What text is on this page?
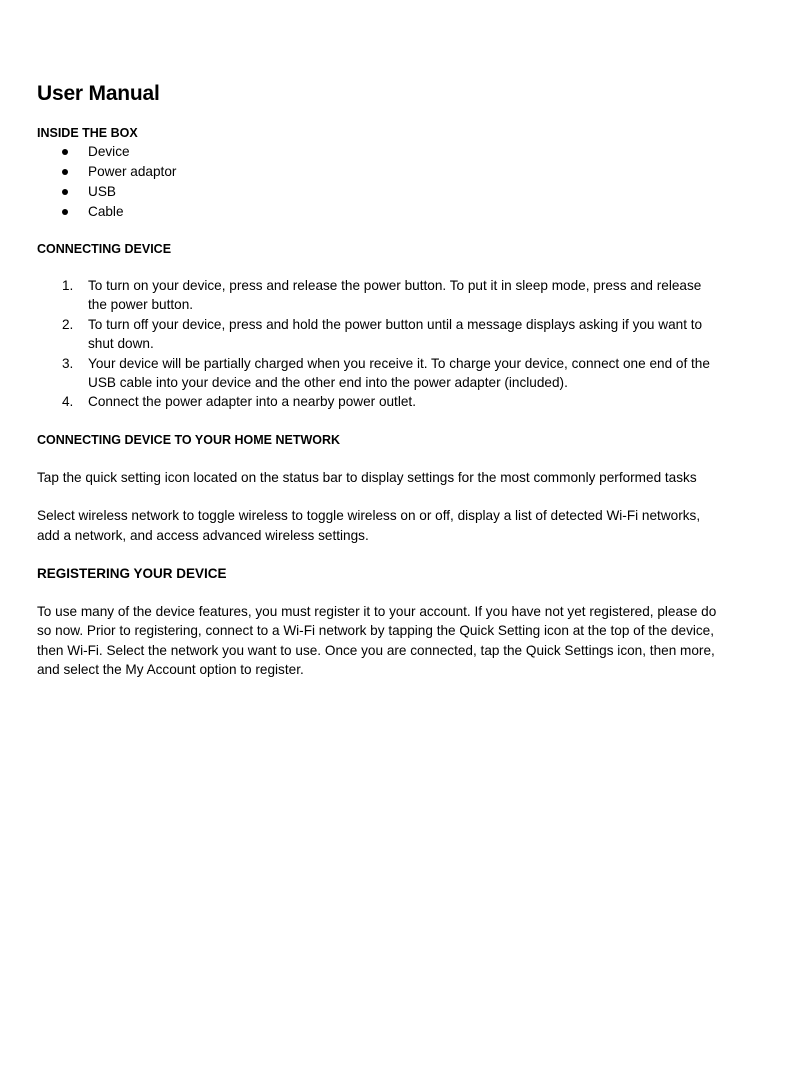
User Manual
INSIDE THE BOX
Device
Power adaptor
USB
Cable
CONNECTING DEVICE
1. To turn on your device, press and release the power button. To put it in sleep mode, press and release the power button.
2. To turn off your device, press and hold the power button until a message displays asking if you want to shut down.
3. Your device will be partially charged when you receive it. To charge your device, connect one end of the USB cable into your device and the other end into the power adapter (included).
4. Connect the power adapter into a nearby power outlet.
CONNECTING DEVICE TO YOUR HOME NETWORK

Tap the quick setting icon located on the status bar to display settings for the most commonly performed tasks

Select wireless network to toggle wireless to toggle wireless on or off, display a list of detected Wi-Fi networks, add a network, and access advanced wireless settings.

REGISTERING YOUR DEVICE

To use many of the device features, you must register it to your account. If you have not yet registered, please do so now. Prior to registering, connect to a Wi-Fi network by tapping the Quick Setting icon at the top of the device, then Wi-Fi. Select the network you want to use. Once you are connected, tap the Quick Settings icon, then more, and select the My Account option to register.
